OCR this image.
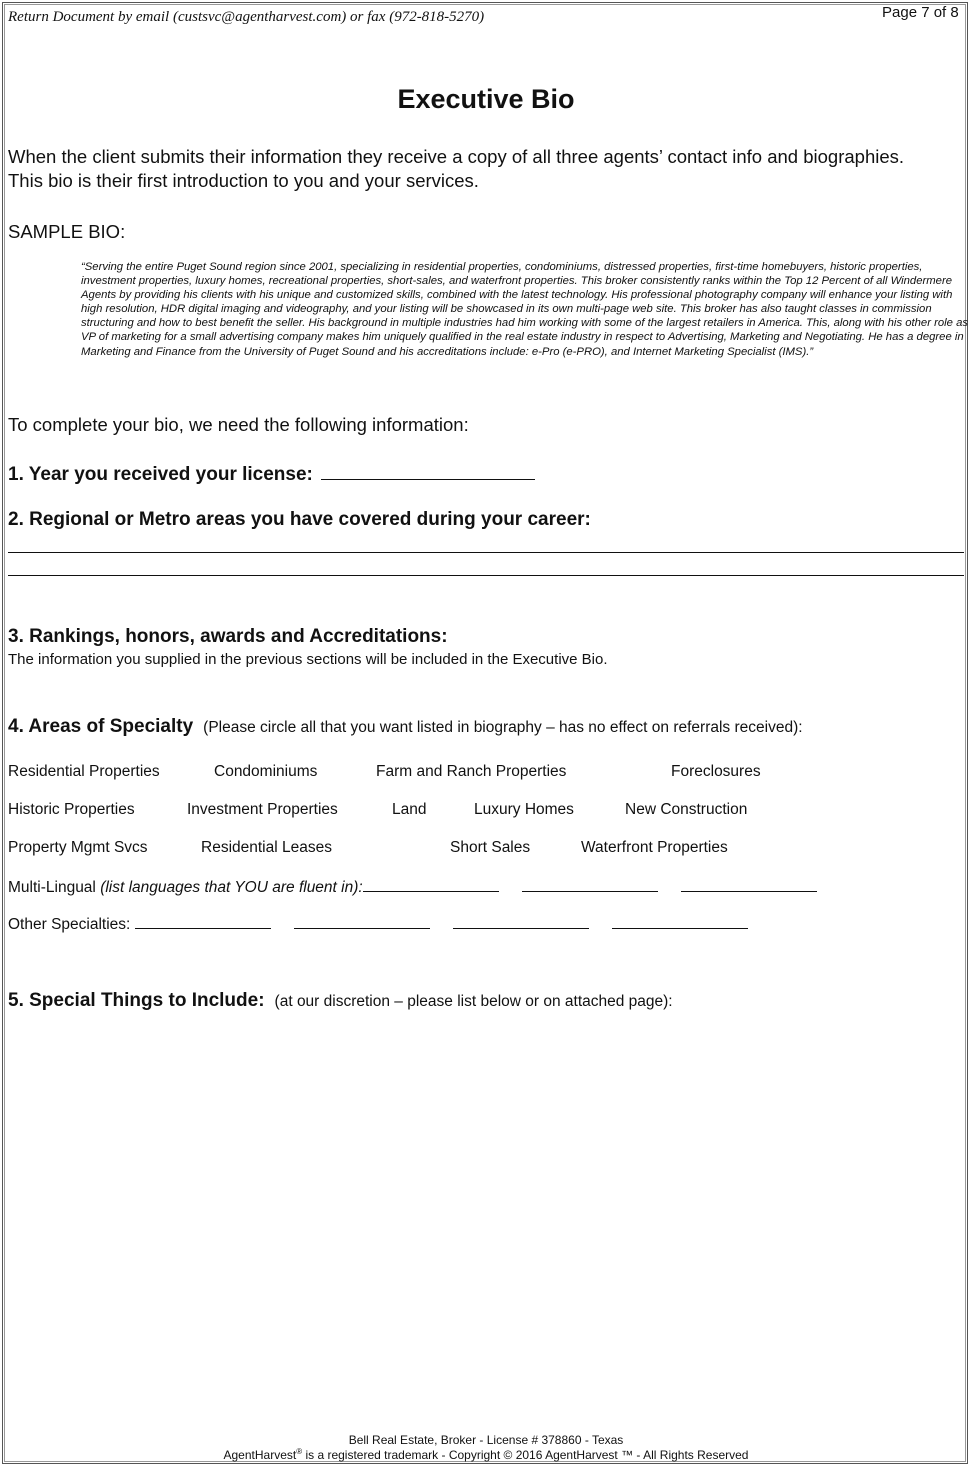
Return Document by email (custsvc@agentharvest.com) or fax (972-818-5270)	Page 7 of 8
Executive Bio
When the client submits their information they receive a copy of all three agents’ contact info and biographies. This bio is their first introduction to you and your services.
SAMPLE BIO:
“Serving the entire Puget Sound region since 2001, specializing in residential properties, condominiums, distressed properties, first-time homebuyers, historic properties, investment properties, luxury homes, recreational properties, short-sales, and waterfront properties. This broker consistently ranks within the Top 12 Percent of all Windermere Agents by providing his clients with his unique and customized skills, combined with the latest technology. His professional photography company will enhance your listing with high resolution, HDR digital imaging and videography, and your listing will be showcased in its own multi-page web site. This broker has also taught classes in commission structuring and how to best benefit the seller. His background in multiple industries had him working with some of the largest retailers in America. This, along with his other role as VP of marketing for a small advertising company makes him uniquely qualified in the real estate industry in respect to Advertising, Marketing and Negotiating. He has a degree in Marketing and Finance from the University of Puget Sound and his accreditations include: e-Pro (e-PRO), and Internet Marketing Specialist (IMS).”
To complete your bio, we need the following information:
1. Year you received your license:
2. Regional or Metro areas you have covered during your career:
3. Rankings, honors, awards and Accreditations:
The information you supplied in the previous sections will be included in the Executive Bio.
4. Areas of Specialty (Please circle all that you want listed in biography – has no effect on referrals received):
Residential Properties	Condominiums	Farm and Ranch Properties	Foreclosures
Historic Properties	Investment Properties	Land	Luxury Homes	New Construction
Property Mgmt Svcs	Residential Leases	Short Sales	Waterfront Properties
Multi-Lingual (list languages that YOU are fluent in):
Other Specialties:
5. Special Things to Include: (at our discretion – please list below or on attached page):
Bell Real Estate, Broker - License # 378860 - Texas
AgentHarvest® is a registered trademark - Copyright © 2016 AgentHarvest ™ - All Rights Reserved
